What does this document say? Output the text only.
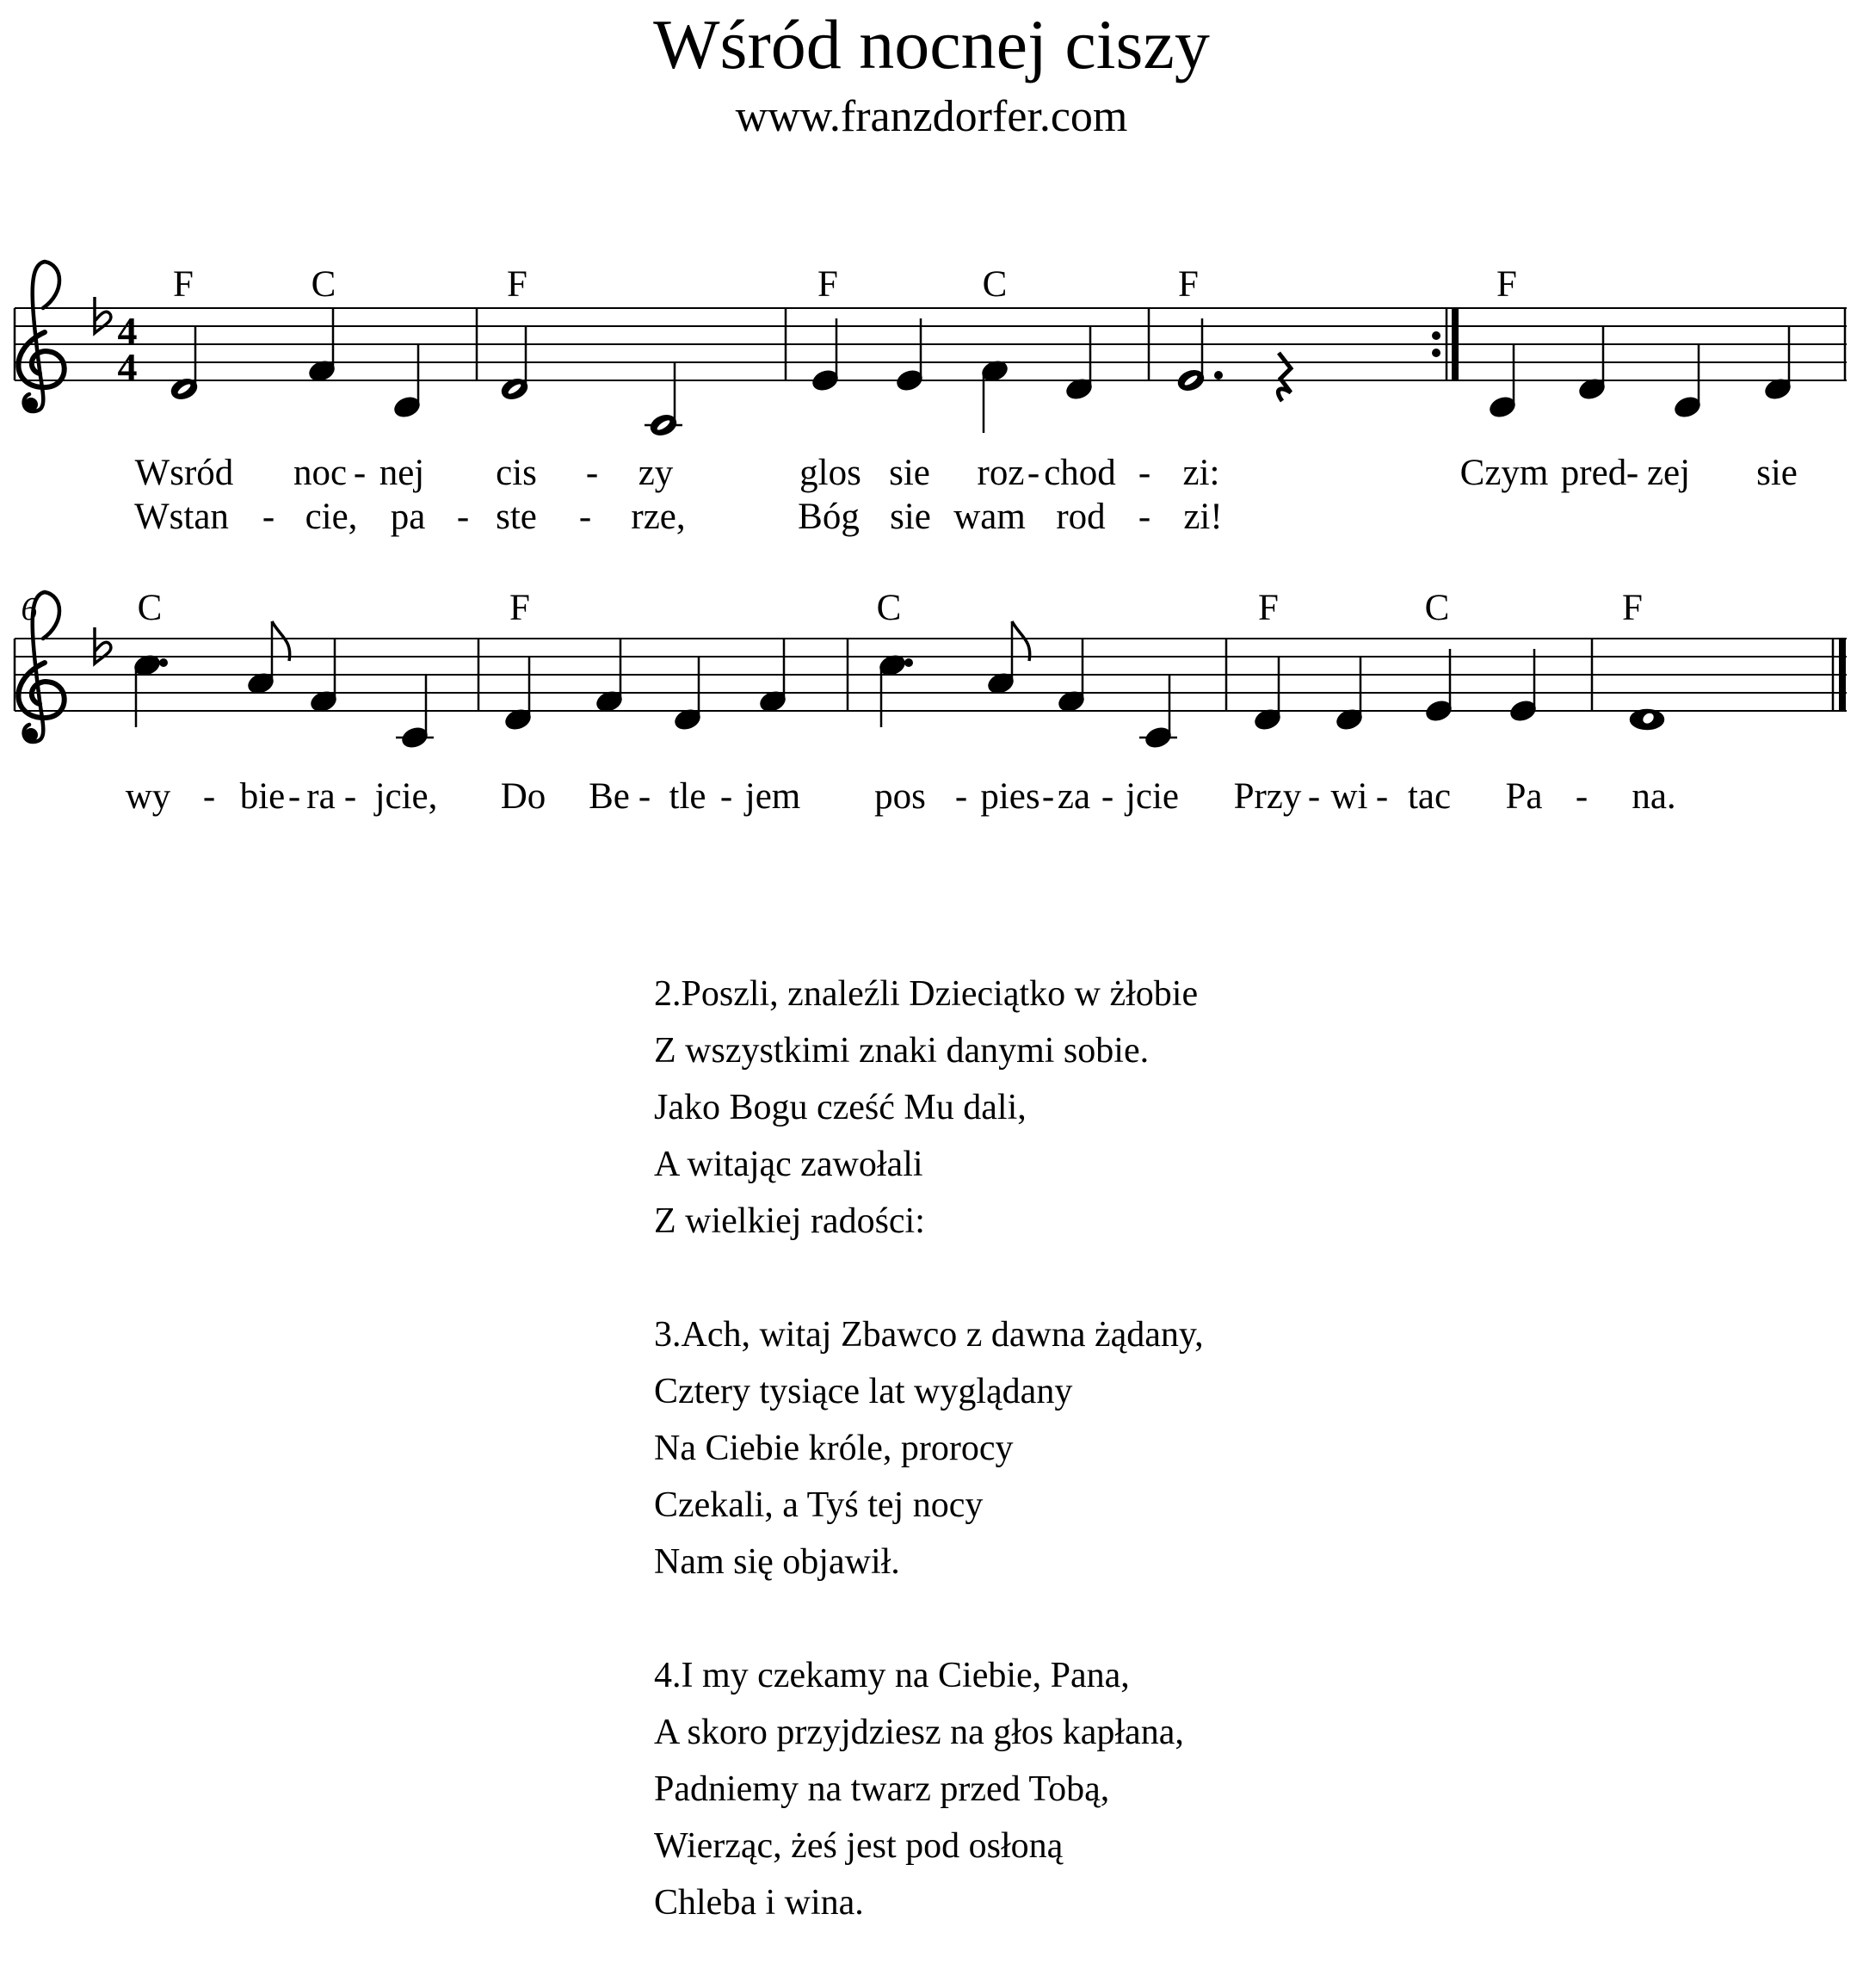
Wśród nocnej ciszy
www.franzdorfer.com
4
4
F	C	F	F	C	F	F
Wsród noc - nej cis - zy	glos sie roz - chod - zi:	Czym pred - zej sie
Wstan - cie, pa - ste - rze,	Bóg sie wam rod - zi!
6	C	F	C	F	C	F
wy - bie - ra - jcie, Do Be - tle - jem pos - pies - za - jcie Przy - wi - tac Pa - na.
2.Poszli, znaleźli Dzieciątko w żłobie
Z wszystkimi znaki danymi sobie.
Jako Bogu cześć Mu dali,
A witając zawołali
Z wielkiej radości:
3.Ach, witaj Zbawco z dawna żądany,
Cztery tysiące lat wyglądany
Na Ciebie króle, prorocy
Czekali, a Tyś tej nocy
Nam się objawił.
4.I my czekamy na Ciebie, Pana,
A skoro przyjdziesz na głos kapłana,
Padniemy na twarz przed Tobą,
Wierząc, żeś jest pod osłoną
Chleba i wina.
